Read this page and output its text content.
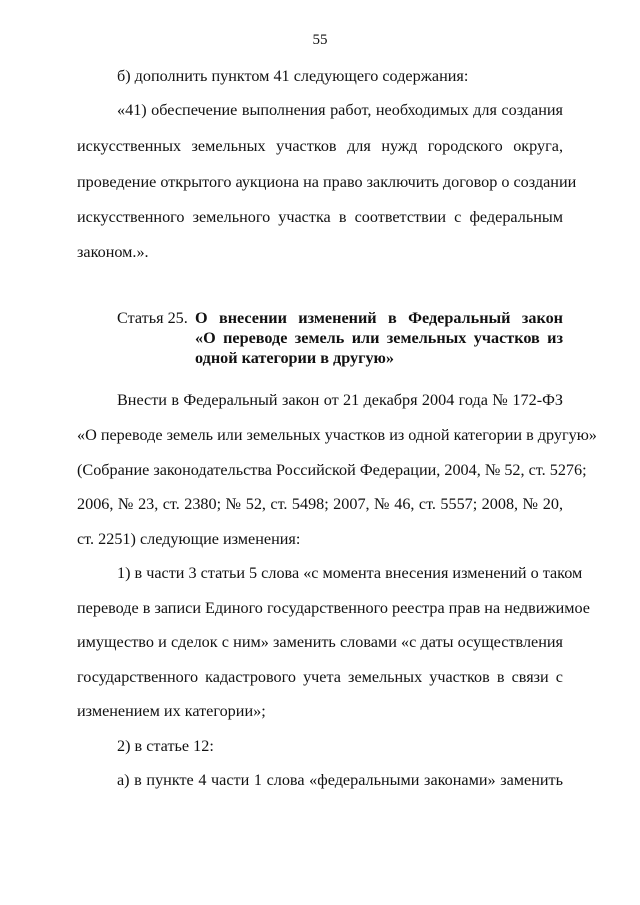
55
б) дополнить пунктом 41 следующего содержания:
«41) обеспечение выполнения работ, необходимых для создания
искусственных земельных участков для нужд городского округа,
проведение открытого аукциона на право заключить договор о создании
искусственного земельного участка в соответствии с федеральным
законом.».
Статья 25. О внесении изменений в Федеральный закон
«О переводе земель или земельных участков из
одной категории в другую»
Внести в Федеральный закон от 21 декабря 2004 года № 172-ФЗ
«О переводе земель или земельных участков из одной категории в другую»
(Собрание законодательства Российской Федерации, 2004, № 52, ст. 5276;
2006, № 23, ст. 2380; № 52, ст. 5498; 2007, № 46, ст. 5557; 2008, № 20,
ст. 2251) следующие изменения:
1) в части 3 статьи 5 слова «с момента внесения изменений о таком
переводе в записи Единого государственного реестра прав на недвижимое
имущество и сделок с ним» заменить словами «с даты осуществления
государственного кадастрового учета земельных участков в связи с
изменением их категории»;
2) в статье 12:
а) в пункте 4 части 1 слова «федеральными законами» заменить
